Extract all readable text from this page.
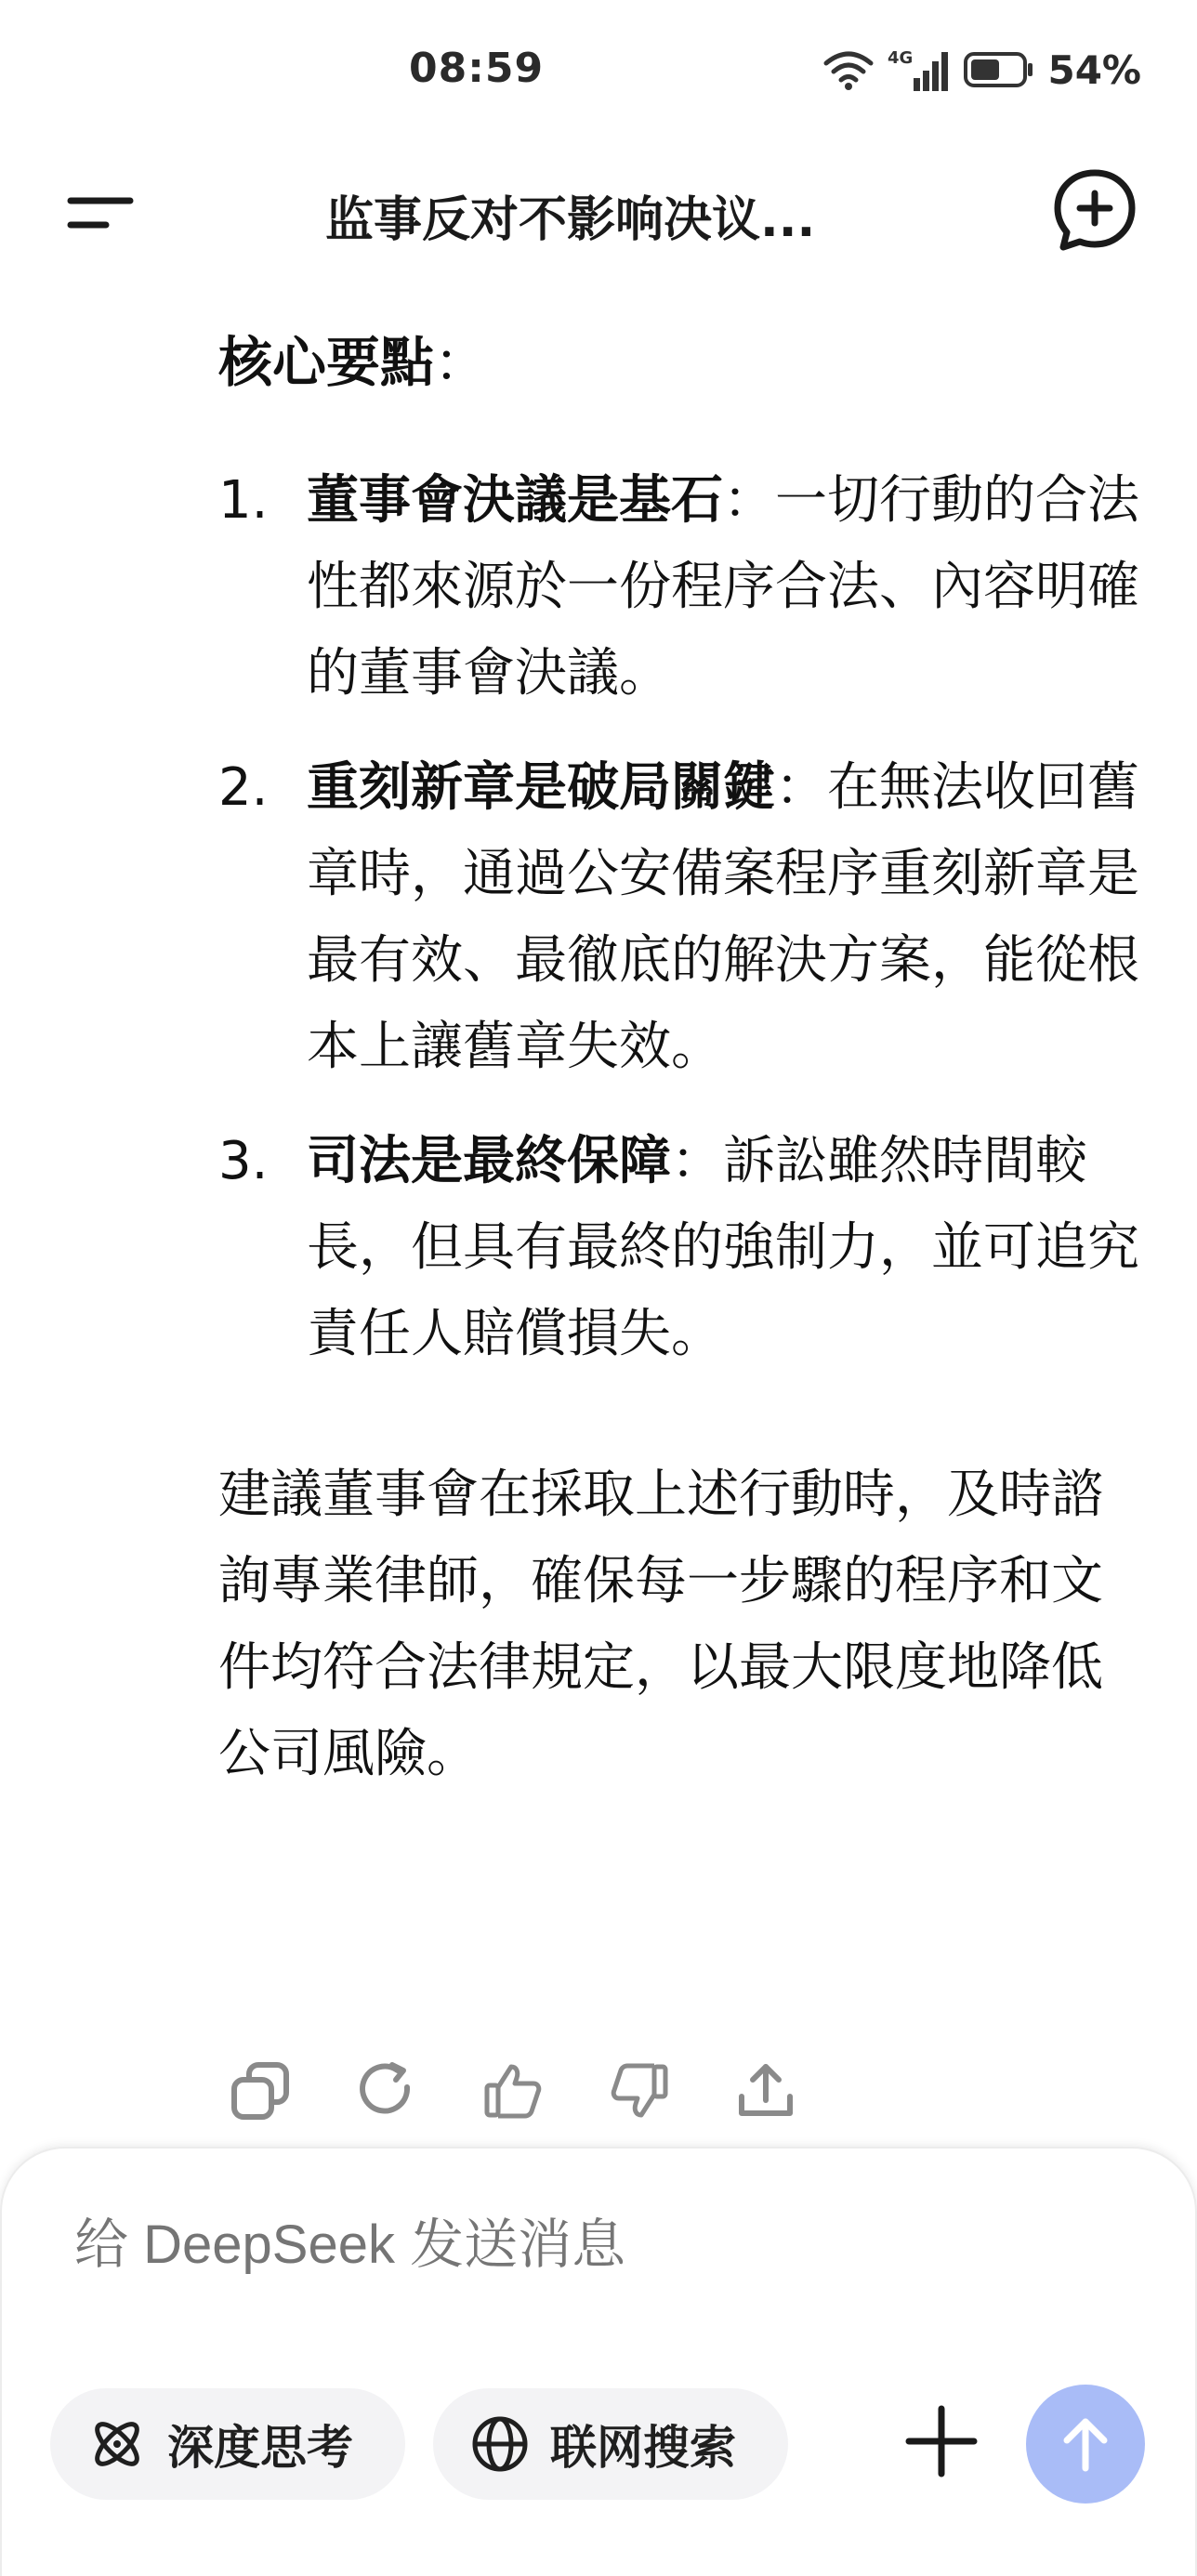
08:59	4G	54%
监事反对不影响决议...
核心要點：
1. 董事會決議是基石：一切行動的合法性都來源於一份程序合法、內容明確的董事會決議。
2. 重刻新章是破局關鍵：在無法收回舊章時，通過公安備案程序重刻新章是最有效、最徹底的解決方案，能從根本上讓舊章失效。
3. 司法是最終保障：訴訟雖然時間較長，但具有最終的強制力，並可追究責任人賠償損失。

建議董事會在採取上述行動時，及時諮詢專業律師，確保每一步驟的程序和文件均符合法律規定，以最大限度地降低公司風險。

给 DeepSeek 发送消息
深度思考	联网搜索
